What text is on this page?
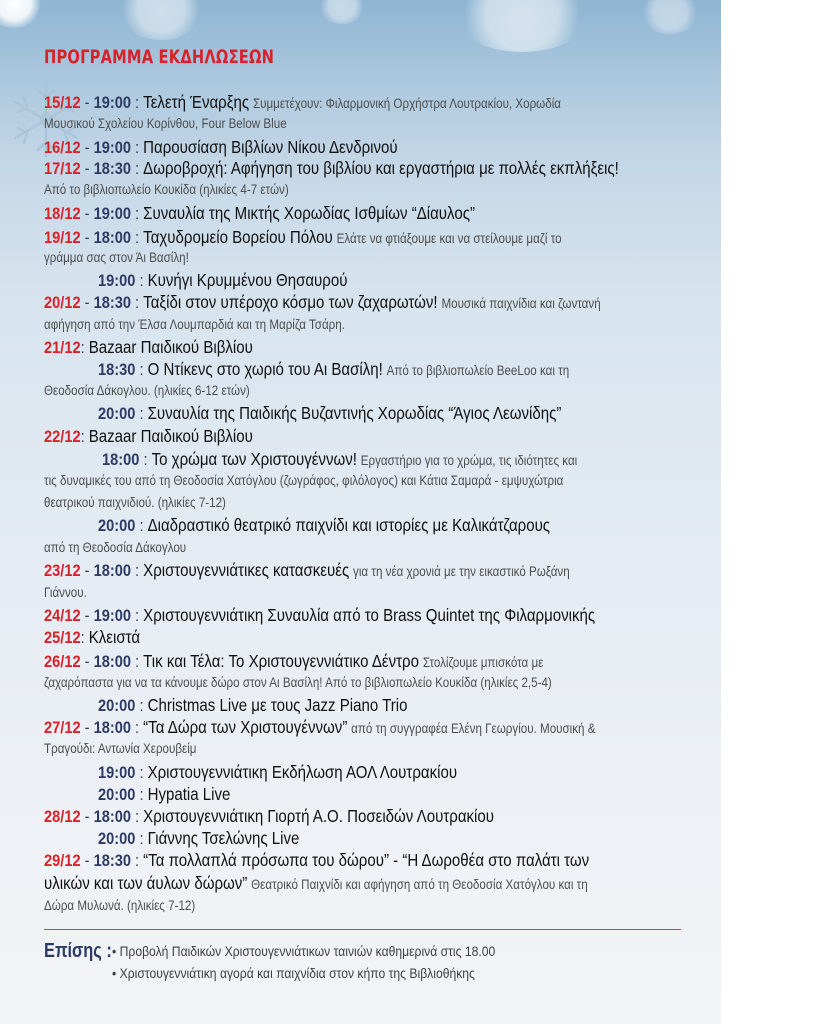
ΠΡΟΓΡΑΜΜΑ ΕΚΔΗΛΩΣΕΩΝ
15/12 - 19:00 : Τελετή Έναρξης Συμμετέχουν: Φιλαρμονική Ορχήστρα Λουτρακίου, Χορωδία
Μουσικού Σχολείου Κορίνθου, Four Below Blue
16/12 - 19:00 : Παρουσίαση Βιβλίων Νίκου Δενδρινού
17/12 - 18:30 : Δωροβροχή: Αφήγηση του βιβλίου και εργαστήρια με πολλές εκπλήξεις!
Από το βιβλιοπωλείο Κουκίδα (ηλικίες 4-7 ετών)
18/12 - 19:00 : Συναυλία της Μικτής Χορωδίας Ισθμίων “Δίαυλος”
19/12 - 18:00 : Ταχυδρομείο Βορείου Πόλου Ελάτε να φτιάξουμε και να στείλουμε μαζί το
γράμμα σας στον Άι Βασίλη!
19:00 : Κυνήγι Κρυμμένου Θησαυρού
20/12 - 18:30 : Ταξίδι στον υπέροχο κόσμο των ζαχαρωτών! Μουσικά παιχνίδια και ζωντανή
αφήγηση από την Έλσα Λουμπαρδιά και τη Μαρίζα Τσάρη.
21/12: Bazaar Παιδικού Βιβλίου
18:30 : Ο Ντίκενς στο χωριό του Αι Βασίλη! Από το βιβλιοπωλείο BeeLoo και τη
Θεοδοσία Δάκογλου. (ηλικίες 6-12 ετών)
20:00 : Συναυλία της Παιδικής Βυζαντινής Χορωδίας “Άγιος Λεωνίδης”
22/12: Bazaar Παιδικού Βιβλίου
18:00 : Το χρώμα των Χριστουγέννων! Εργαστήριο για το χρώμα, τις ιδιότητες και
τις δυναμικές του από τη Θεοδοσία Χατόγλου (ζωγράφος, φιλόλογος) και Κάτια Σαμαρά - εμψυχώτρια
θεατρικού παιχνιδιού. (ηλικίες 7-12)
20:00 : Διαδραστικό θεατρικό παιχνίδι και ιστορίες με Καλικάτζαρους
από τη Θεοδοσία Δάκογλου
23/12 - 18:00 : Χριστουγεννιάτικες κατασκευές για τη νέα χρονιά με την εικαστικό Ρωξάνη
Γιάννου.
24/12 - 19:00 : Χριστουγεννιάτικη Συναυλία από το Brass Quintet της Φιλαρμονικής
25/12: Κλειστά
26/12 - 18:00 : Τικ και Τέλα: Το Χριστουγεννιάτικο Δέντρο Στολίζουμε μπισκότα με
ζαχαρόπαστα για να τα κάνουμε δώρο στον Αι Βασίλη! Από το βιβλιοπωλείο Κουκίδα (ηλικίες 2,5-4)
20:00 : Christmas Live με τους Jazz Piano Trio
27/12 - 18:00 : “Τα Δώρα των Χριστουγέννων” από τη συγγραφέα Ελένη Γεωργίου. Μουσική &
Τραγούδι: Αντωνία Χερουβείμ
19:00 : Χριστουγεννιάτικη Εκδήλωση ΑΟΛ Λουτρακίου
20:00 : Hypatia Live
28/12 - 18:00 : Χριστουγεννιάτικη Γιορτή Α.Ο. Ποσειδών Λουτρακίου
20:00 : Γιάννης Τσελώνης Live
29/12 - 18:30 : “Τα πολλαπλά πρόσωπα του δώρου” - “Η Δωροθέα στο παλάτι των
υλικών και των άυλων δώρων” Θεατρικό Παιχνίδι και αφήγηση από τη Θεοδοσία Χατόγλου και τη
Δώρα Μυλωνά. (ηλικίες 7-12)
Επίσης : • Προβολή Παιδικών Χριστουγεννιάτικων ταινιών καθημερινά στις 18.00
• Χριστουγεννιάτικη αγορά και παιχνίδια στον κήπο της Βιβλιοθήκης
